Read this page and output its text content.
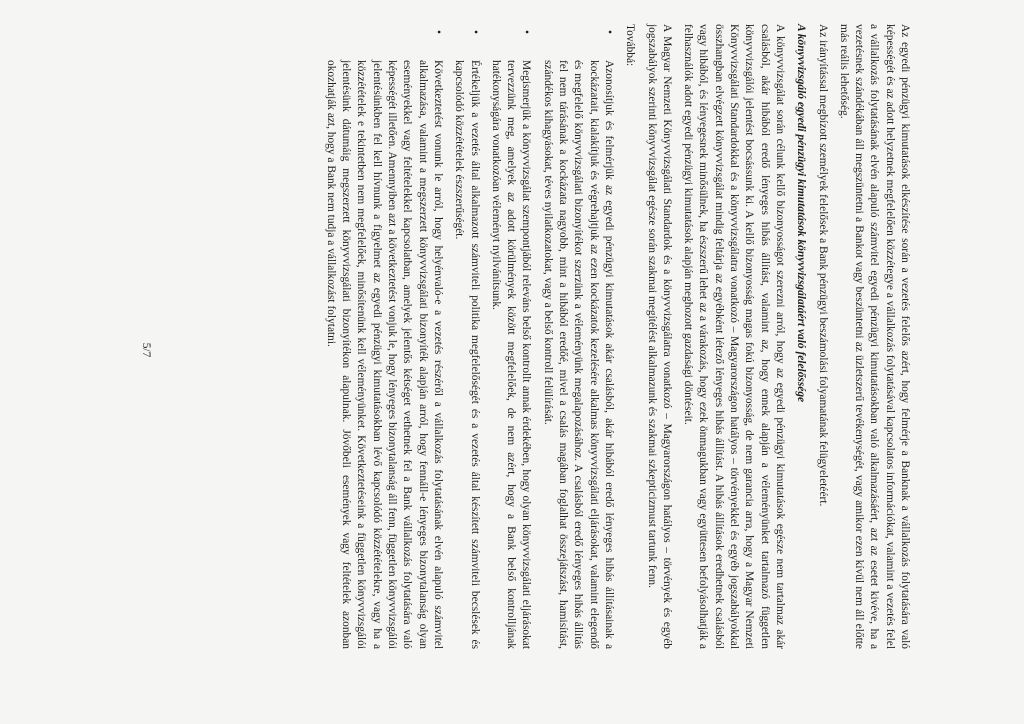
Az egyedi pénzügyi kimutatások elkészítése során a vezetés felelős azért, hogy felmérje a Banknak a vállalkozás folytatására való képességét és az adott helyzetnek megfelelően közzétegye a vállalkozás folytatásával kapcsolatos információkat, valamint a vezetés felel a vállalkozás folytatásának elvén alapuló számvitel egyedi pénzügyi kimutatásokban való alkalmazásáért, azt az esetet kivéve, ha a vezetésnek szándékában áll megszüntetni a Bankot vagy beszüntetni az üzletszerű tevékenységét, vagy amikor ezen kívül nem áll előtte más reális lehetőség.

Az irányítással megbízott személyek felelősek a Bank pénzügyi beszámolási folyamatának felügyeletéért.

A könyvvizsgáló egyedi pénzügyi kimutatások könyvvizsgálatáért való felelőssége

A könyvvizsgálat során célunk kellő bizonyosságot szerezni arról, hogy az egyedi pénzügyi kimutatások egésze nem tartalmaz akár csalásból, akár hibából eredő lényeges hibás állítást, valamint az, hogy ennek alapján a véleményünket tartalmazó független könyvvizsgálói jelentést bocsássunk ki. A kellő bizonyosság magas fokú bizonyosság, de nem garancia arra, hogy a Magyar Nemzeti Könyvvizsgálati Standardokkal és a könyvvizsgálatra vonatkozó – Magyarországon hatályos – törvényekkel és egyéb jogszabályokkal összhangban elvégzett könyvvizsgálat mindig feltárja az egyébként létező lényeges hibás állítást. A hibás állítások eredhetnek csalásból vagy hibából, és lényegesnek minősülnek, ha észszerű lehet az a várakozás, hogy ezek önmagukban vagy együttesen befolyásolhatják a felhasználók adott egyedi pénzügyi kimutatások alapján meghozott gazdasági döntéseit.

A Magyar Nemzeti Könyvvizsgálati Standardok és a könyvvizsgálatra vonatkozó – Magyarországon hatályos – törvények és egyéb jogszabályok szerinti könyvvizsgálat egésze során szakmai megítélést alkalmazunk és szakmai szkepticizmust tartunk fenn.

Továbbá:

•
Azonosítjuk és felmérjük az egyedi pénzügyi kimutatások akár csalásból, akár hibából eredő lényeges hibás állításainak a kockázatait, kialakítjuk és végrehajtjuk az ezen kockázatok kezelésére alkalmas könyvvizsgálati eljárásokat, valamint elegendő és megfelelő könyvvizsgálati bizonyítékot szerzünk a véleményünk megalapozásához. A csalásból eredő lényeges hibás állítás fel nem tárásának a kockázata nagyobb, mint a hibából eredőé, mivel a csalás magában foglalhat összejátszást, hamisítást, szándékos kihagyásokat, téves nyilatkozatokat, vagy a belső kontroll felülírását.
•
Megismerjük a könyvvizsgálat szempontjából releváns belső kontrollt annak érdekében, hogy olyan könyvvizsgálati eljárásokat tervezzünk meg, amelyek az adott körülmények között megfelelőek, de nem azért, hogy a Bank belső kontrolljának hatékonyságára vonatkozóan véleményt nyilvánítsunk.
•
Értékeljük a vezetés által alkalmazott számviteli politika megfelelőségét és a vezetés által készített számviteli becslések és kapcsolódó közzétételek észszerűségét.
•
Következtetést vonunk le arról, hogy helyénvaló-e a vezetés részéről a vállalkozás folytatásának elvén alapuló számvitel alkalmazása, valamint a megszerzett könyvvizsgálati bizonyíték alapján arról, hogy fennáll-e lényeges bizonytalanság olyan eseményekkel vagy feltételekkel kapcsolatban, amelyek jelentős kétséget vethetnek fel a Bank vállalkozás folytatására való képességét illetően. Amennyiben azt a következtetést vonjuk le, hogy lényeges bizonytalanság áll fenn, független könyvvizsgálói jelentésünkben fel kell hívnunk a figyelmet az egyedi pénzügyi kimutatásokban lévő kapcsolódó közzétételekre, vagy ha a közzétételek e tekintetben nem megfelelőek, minősítenünk kell véleményünket. Következtetéseink a független könyvvizsgálói jelentésünk dátumáig megszerzett könyvvizsgálati bizonyítékon alapulnak. Jövőbeli események vagy feltételek azonban okozhatják azt, hogy a Bank nem tudja a vállalkozást folytatni.
5/7
